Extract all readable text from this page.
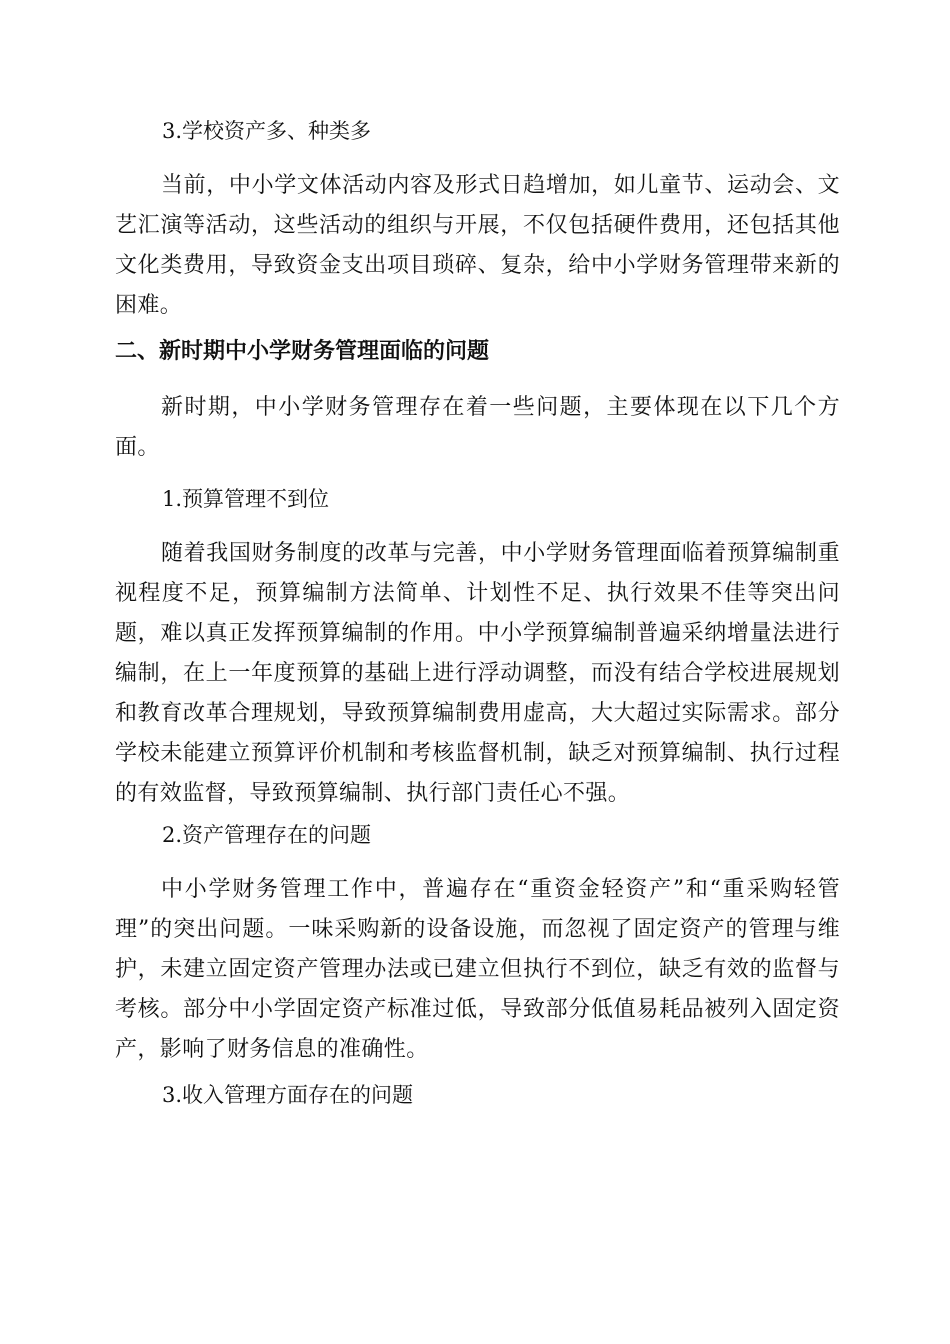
3.学校资产多、种类多

当前，中小学文体活动内容及形式日趋增加，如儿童节、运动会、文艺汇演等活动，这些活动的组织与开展，不仅包括硬件费用，还包括其他文化类费用，导致资金支出项目琐碎、复杂，给中小学财务管理带来新的困难。

二、新时期中小学财务管理面临的问题

新时期，中小学财务管理存在着一些问题，主要体现在以下几个方面。

1.预算管理不到位

随着我国财务制度的改革与完善，中小学财务管理面临着预算编制重视程度不足，预算编制方法简单、计划性不足、执行效果不佳等突出问题，难以真正发挥预算编制的作用。中小学预算编制普遍采纳增量法进行编制，在上一年度预算的基础上进行浮动调整，而没有结合学校进展规划和教育改革合理规划，导致预算编制费用虚高，大大超过实际需求。部分学校未能建立预算评价机制和考核监督机制，缺乏对预算编制、执行过程的有效监督，导致预算编制、执行部门责任心不强。

2.资产管理存在的问题

中小学财务管理工作中，普遍存在“重资金轻资产”和“重采购轻管理”的突出问题。一味采购新的设备设施，而忽视了固定资产的管理与维护，未建立固定资产管理办法或已建立但执行不到位，缺乏有效的监督与考核。部分中小学固定资产标准过低，导致部分低值易耗品被列入固定资产，影响了财务信息的准确性。

3.收入管理方面存在的问题
